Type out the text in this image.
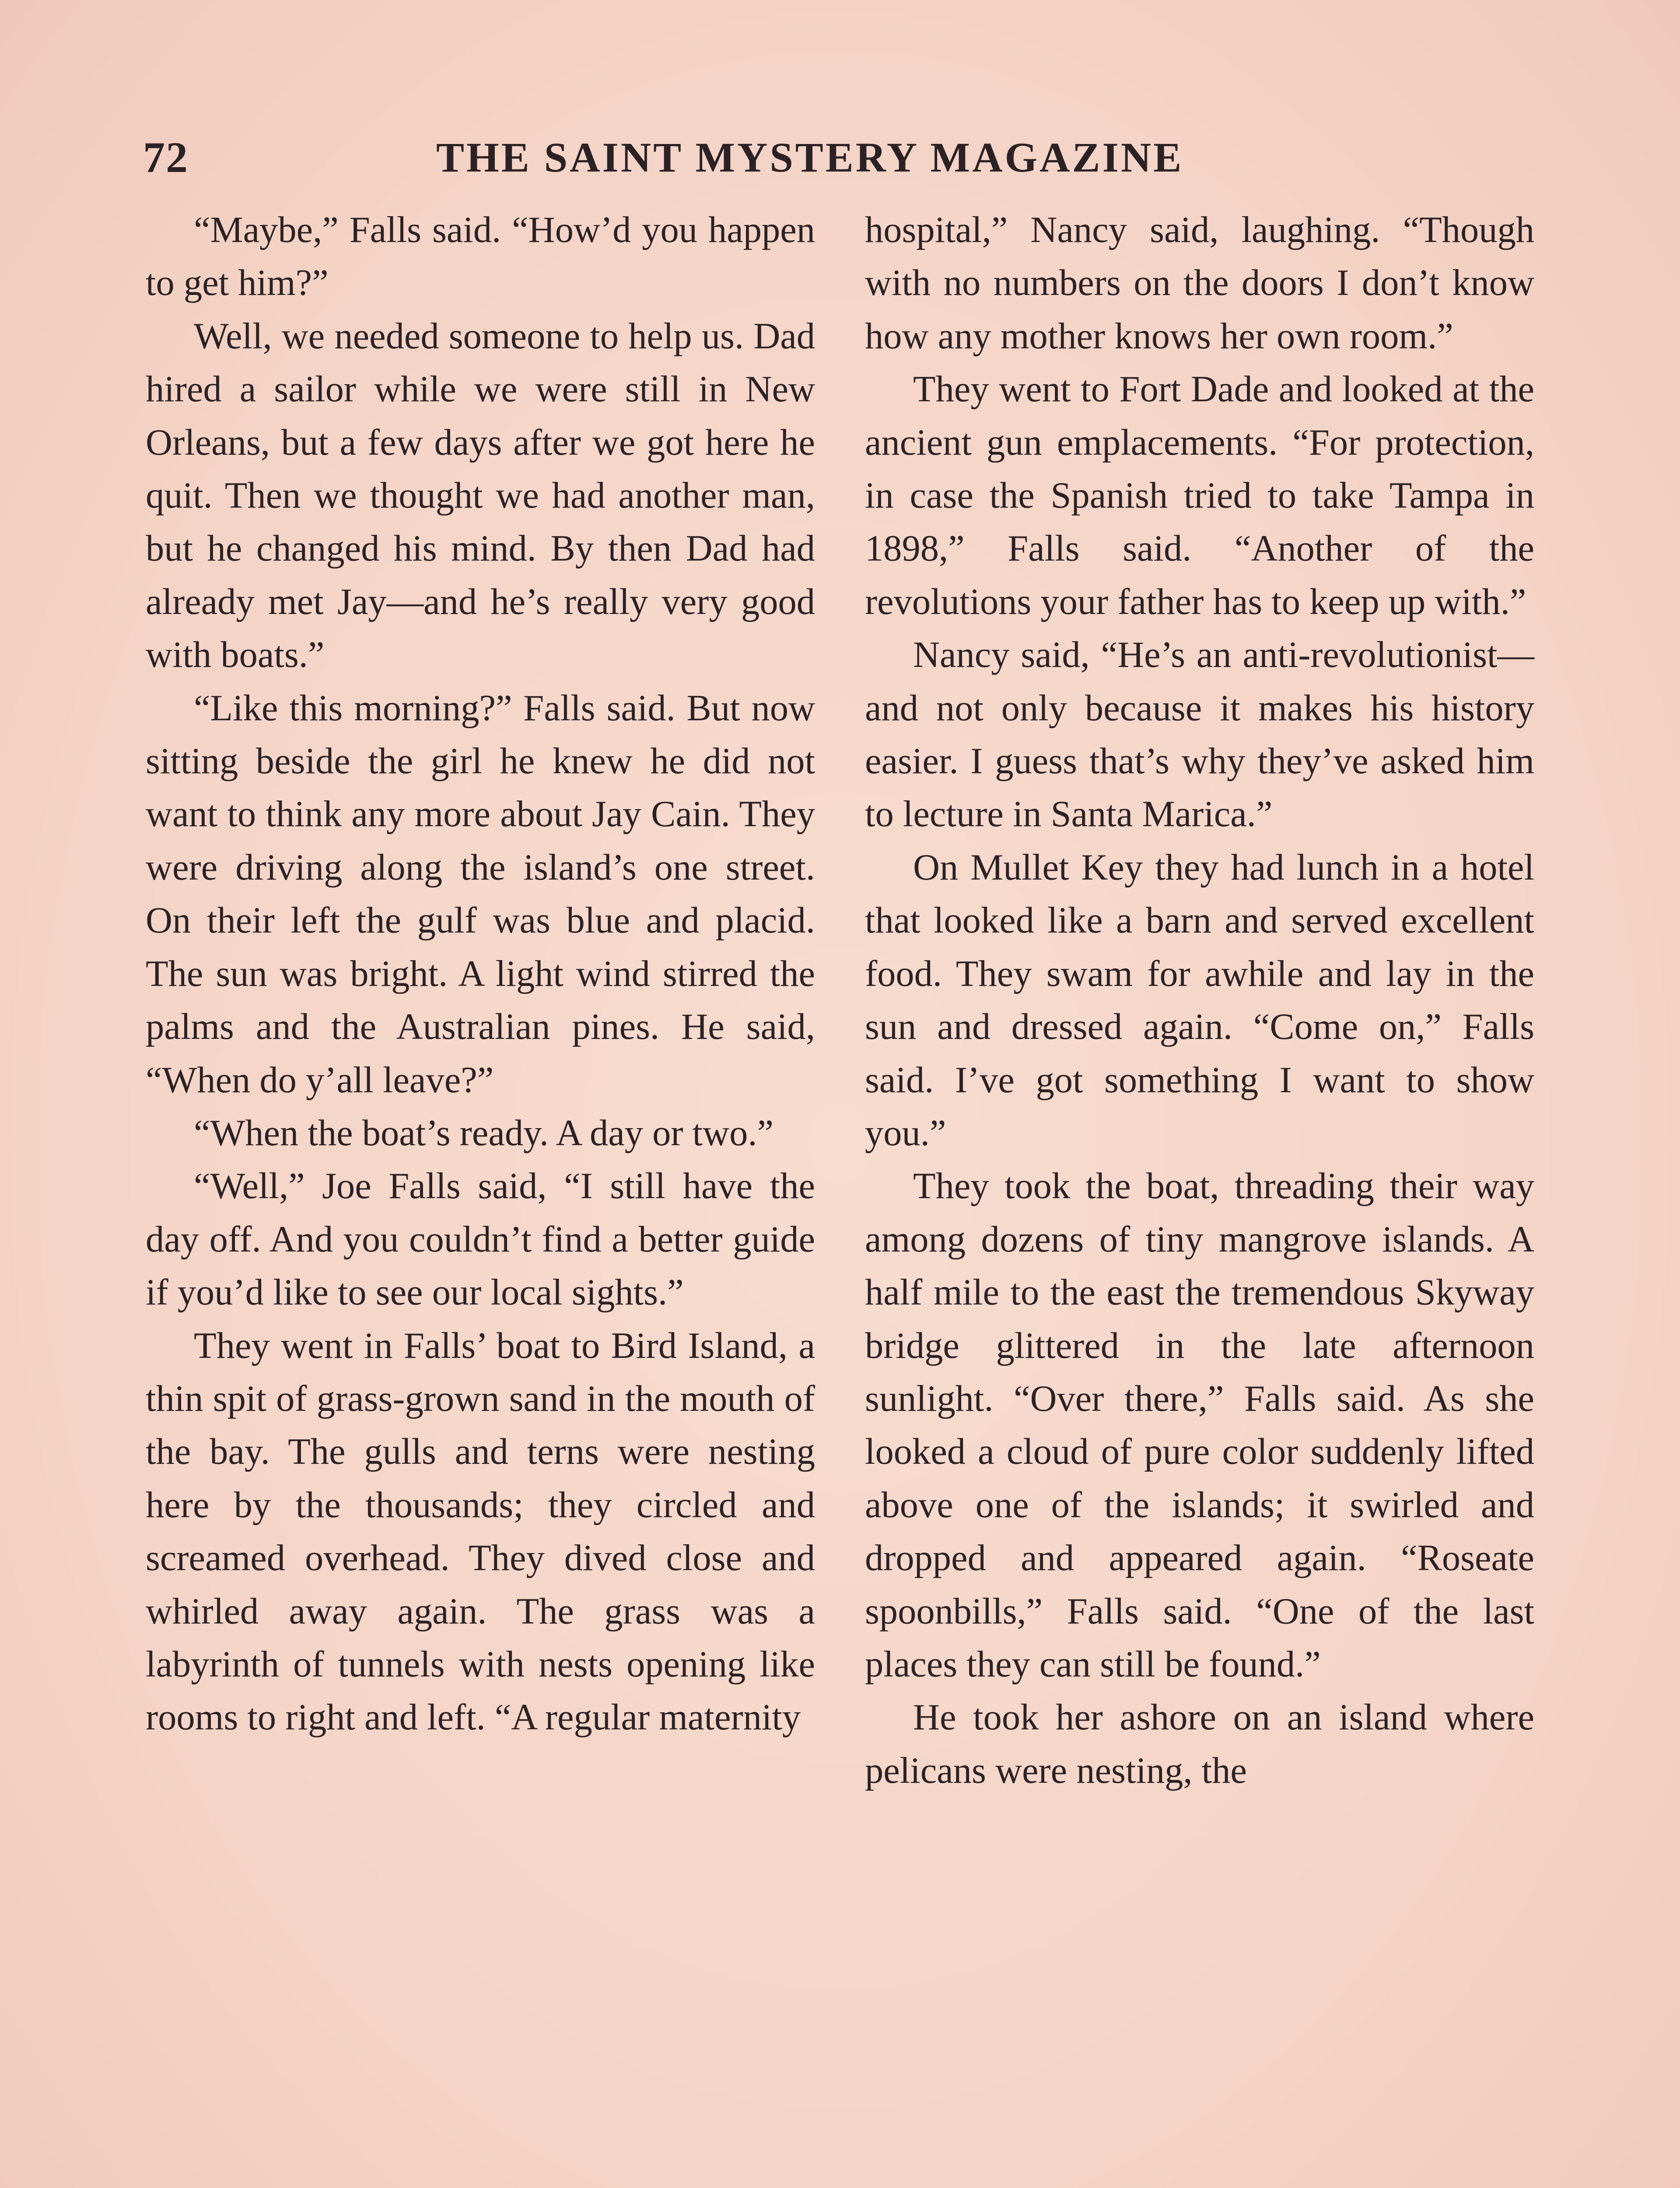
72	THE SAINT MYSTERY MAGAZINE

“Maybe,” Falls said. “How’d you happen to get him?”

Well, we needed someone to help us. Dad hired a sailor while we were still in New Orleans, but a few days after we got here he quit. Then we thought we had another man, but he changed his mind. By then Dad had already met Jay—and he’s really very good with boats.”

“Like this morning?” Falls said. But now sitting beside the girl he knew he did not want to think any more about Jay Cain. They were driving along the island’s one street. On their left the gulf was blue and placid. The sun was bright. A light wind stirred the palms and the Australian pines. He said, “When do y’all leave?”

“When the boat’s ready. A day or two.”

“Well,” Joe Falls said, “I still have the day off. And you couldn’t find a better guide if you’d like to see our local sights.”

They went in Falls’ boat to Bird Island, a thin spit of grass-grown sand in the mouth of the bay. The gulls and terns were nesting here by the thousands; they circled and screamed overhead. They dived close and whirled away again. The grass was a labyrinth of tunnels with nests opening like rooms to right and left. “A regular maternity

hospital,” Nancy said, laughing. “Though with no numbers on the doors I don’t know how any mother knows her own room.”

They went to Fort Dade and looked at the ancient gun emplacements. “For protection, in case the Spanish tried to take Tampa in 1898,” Falls said. “Another of the revolutions your father has to keep up with.”

Nancy said, “He’s an anti-revolutionist—and not only because it makes his history easier. I guess that’s why they’ve asked him to lecture in Santa Marica.”

On Mullet Key they had lunch in a hotel that looked like a barn and served excellent food. They swam for awhile and lay in the sun and dressed again. “Come on,” Falls said. I’ve got something I want to show you.”

They took the boat, threading their way among dozens of tiny mangrove islands. A half mile to the east the tremendous Skyway bridge glittered in the late afternoon sunlight. “Over there,” Falls said. As she looked a cloud of pure color suddenly lifted above one of the islands; it swirled and dropped and appeared again. “Roseate spoonbills,” Falls said. “One of the last places they can still be found.”

He took her ashore on an island where pelicans were nesting, the
